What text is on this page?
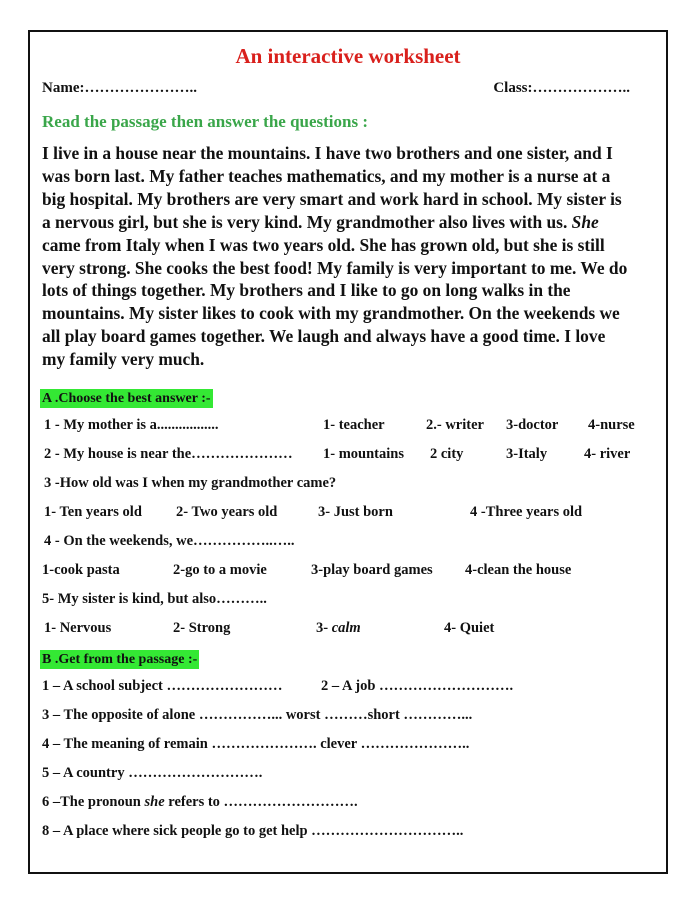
An interactive worksheet
Name:…………………..	Class:………………..
Read the passage then answer the questions :

I live in a house near the mountains. I have two brothers and one sister, and I

was born last. My father teaches mathematics, and my mother is a nurse at a

big hospital. My brothers are very smart and work hard in school. My sister is

a nervous girl, but she is very kind. My grandmother also lives with us. She

came from Italy when I was two years old. She has grown old, but she is still

very strong. She cooks the best food! My family is very important to me. We do

lots of things together. My brothers and I like to go on long walks in the

mountains. My sister likes to cook with my grandmother. On the weekends we

all play board games together. We laugh and always have a good time. I love

my family very much.

A .Choose the best answer :-
1 - My mother is a.................	1- teacher	2.- writer 3-doctor 4-nurse
2 - My house is near the………………… 1- mountains 2 city	3-Italy	4- river
3 -How old was I when my grandmother came?
1- Ten years old 2- Two years old	3- Just born	4 -Three years old
4 - On the weekends, we……………..…..
1-cook pasta	2-go to a movie	3-play board games 4-clean the house
5- My sister is kind, but also………..
1- Nervous	2- Strong	3- calm	4- Quiet
B .Get from the passage :-
1 – A school subject ……………………	2 – A job ……………………….
3 – The opposite of alone ……………... worst ………short …………...
4 – The meaning of remain …………………. clever …………………..
5 – A country ……………………….
6 –The pronoun she refers to ……………………….
8 – A place where sick people go to get help …………………………..
